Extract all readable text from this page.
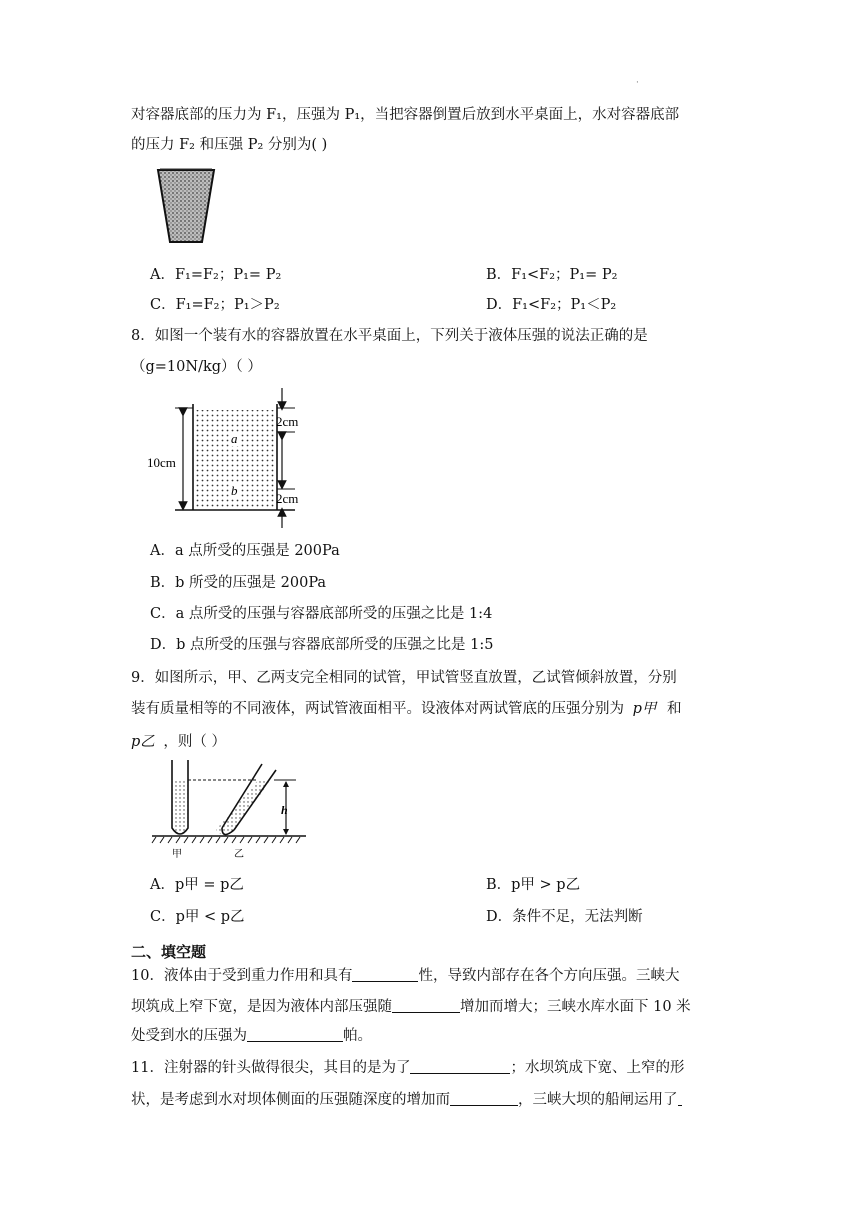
·
对容器底部的压力为 F₁，压强为 P₁，当把容器倒置后放到水平桌面上，水对容器底部
的压力 F₂ 和压强 P₂ 分别为( )
A．F₁=F₂；P₁= P₂	B．F₁<F₂；P₁= P₂
C．F₁=F₂；P₁＞P₂	D．F₁<F₂；P₁＜P₂
8．如图一个装有水的容器放置在水平桌面上，下列关于液体压强的说法正确的是
（g=10N/kg）（ ）
10cm
2cm
2cm
a
b
A．a 点所受的压强是 200Pa
B．b 所受的压强是 200Pa
C．a 点所受的压强与容器底部所受的压强之比是 1:4
D．b 点所受的压强与容器底部所受的压强之比是 1:5
9．如图所示，甲、乙两支完全相同的试管，甲试管竖直放置，乙试管倾斜放置，分别
装有质量相等的不同液体，两试管液面相平。设液体对两试管底的压强分别为 p甲 和
p乙 ，则（ ）
h
甲	乙
A．p甲 = p乙	B．p甲 > p乙
C．p甲 < p乙	D．条件不足，无法判断
二、填空题
10．液体由于受到重力作用和具有	性，导致内部存在各个方向压强。三峡大
坝筑成上窄下宽，是因为液体内部压强随	增加而增大；三峡水库水面下 10 米
处受到水的压强为	帕。
11．注射器的针头做得很尖，其目的是为了	；水坝筑成下宽、上窄的形
状，是考虑到水对坝体侧面的压强随深度的增加而	，三峡大坝的船闸运用了
